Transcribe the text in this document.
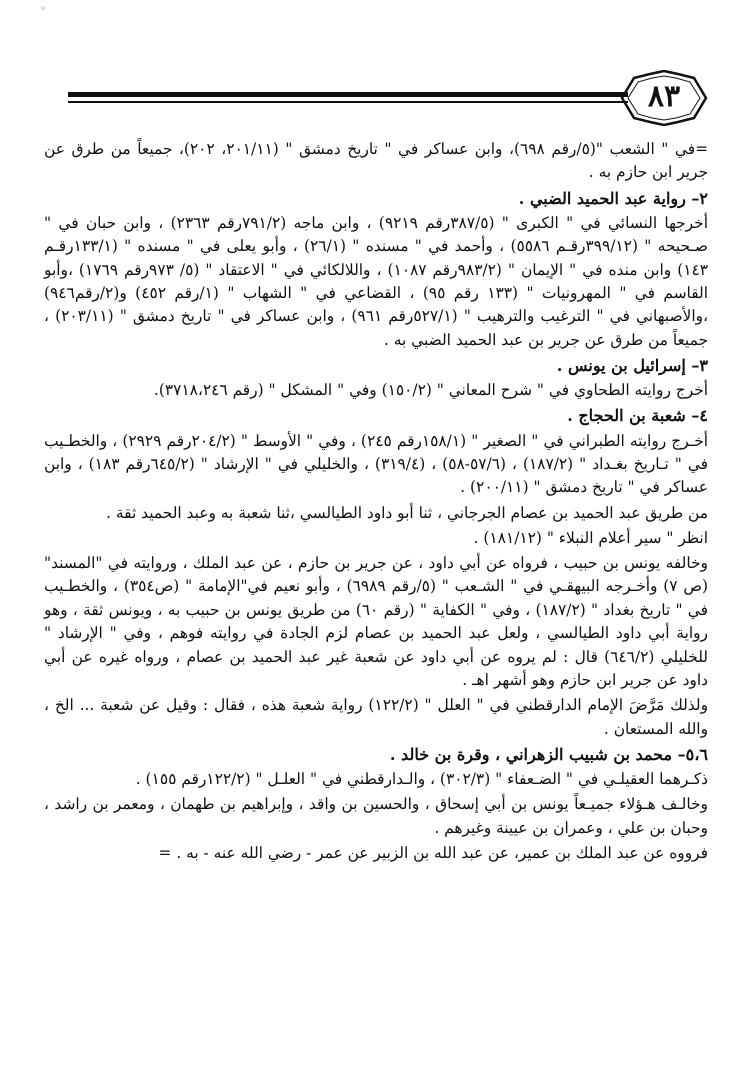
◦
٨٣

=في " الشعب "(٥/رقم ٦٩٨)، وابن عساكر في " تاريخ دمشق " (٢٠١/١١، ٢٠٢)، جميعاً من طرق عن جرير ابن حازم به .

٢– رواية عبد الحميد الضبي .

أخرجها النسائي في " الكبرى " (٣٨٧/٥رقم ٩٢١٩) ، وابن ماجه (٧٩١/٢رقم ٢٣٦٣) ، وابن حبان في " صـحيحه " (٣٩٩/١٢رقـم ٥٥٨٦) ، وأحمد في " مسنده " (٢٦/١) ، وأبو يعلى في " مسنده " (١٣٣/١رقـم ١٤٣) وابن منده في " الإيمان " (٩٨٣/٢رقم ١٠٨٧) ، واللالكائي في " الاعتقاد " (٥/ ٩٧٣رقم ١٧٦٩) ،وأبو القاسم في " المهرونيات " (١٣٣ رقم ٩٥) ، القضاعي في " الشهاب " (١/رقم ٤٥٢) و(٢/رقم٩٤٦) ،والأصبهاني في " الترغيب والترهيب " (٥٢٧/١رقم ٩٦١) ، وابن عساكر في " تاريخ دمشق " (٢٠٣/١١) ، جميعاً من طرق عن جرير بن عبد الحميد الضبي به .

٣– إسرائيل بن يونس .

أخرج روايته الطحاوي في " شرح المعاني " (١٥٠/٢) وفي " المشكل " (رقم ٣٧١٨،٢٤٦).

٤– شعبة بن الحجاج .

أخـرج روايته الطبراني في " الصغير " (١٥٨/١رقم ٢٤٥) ، وفي " الأوسط " (٢٠٤/٢رقم ٢٩٢٩) ، والخطـيب في " تـاريخ بغـداد " (١٨٧/٢) ، (٥٧/٦-٥٨) ، (٣١٩/٤) ، والخليلي في " الإرشاد " (٦٤٥/٢رقم ١٨٣) ، وابن عساكر في " تاريخ دمشق " (٢٠٠/١١) .

من طريق عبد الحميد بن عصام الجرجاني ، ثنا أبو داود الطيالسي ،ثنا شعبة به وعبد الحميد ثقة .

انظر " سير أعلام النبلاء " (١٨١/١٢) .

وخالفه يونس بن حبيب ، فرواه عن أبي داود ، عن جرير بن حازم ، عن عبد الملك ، وروايته في "المسند" (ص ٧) وأخـرجه البيهقـي في " الشـعب " (٥/رقم ٦٩٨٩) ، وأبو نعيم في"الإمامة " (ص٣٥٤) ، والخطـيب في " تاريخ بغداد " (١٨٧/٢) ، وفي " الكفاية " (رقم ٦٠) من طريق يونس بن حبيب به ، ويونس ثقة ، وهو رواية أبي داود الطيالسي ، ولعل عبد الحميد بن عصام لزم الجادة في روايته فوهم ، وفي " الإرشاد " للخليلي (٦٤٦/٢) قال : لم يروه عن أبي داود عن شعبة غير عبد الحميد بن عصام ، ورواه غيره عن أبي داود عن جرير ابن حازم وهو أشهر اهـ .

ولذلك مَرَّضَ الإمام الدارقطني في " العلل " (١٢٢/٢) رواية شعبة هذه ، فقال : وقيل عن شعبة ... الخ ، والله المستعان .

٥،٦– محمد بن شبيب الزهراني ، وقرة بن خالد .

ذكـرهما العقيلـي في " الضـعفاء " (٣٠٢/٣) ، والـدارقطني في " العلـل " (١٢٢/٢رقم ١٥٥) .

وخالـف هـؤلاء جميـعاً يونس بن أبي إسحاق ، والحسين بن واقد ، وإبراهيم بن طهمان ، ومعمر بن راشد ، وحبان بن علي ، وعمران بن عيينة وغيرهم .

فرووه عن عبد الملك بن عمير، عن عبد الله بن الزبير عن عمر - رضي الله عنه - به . =
